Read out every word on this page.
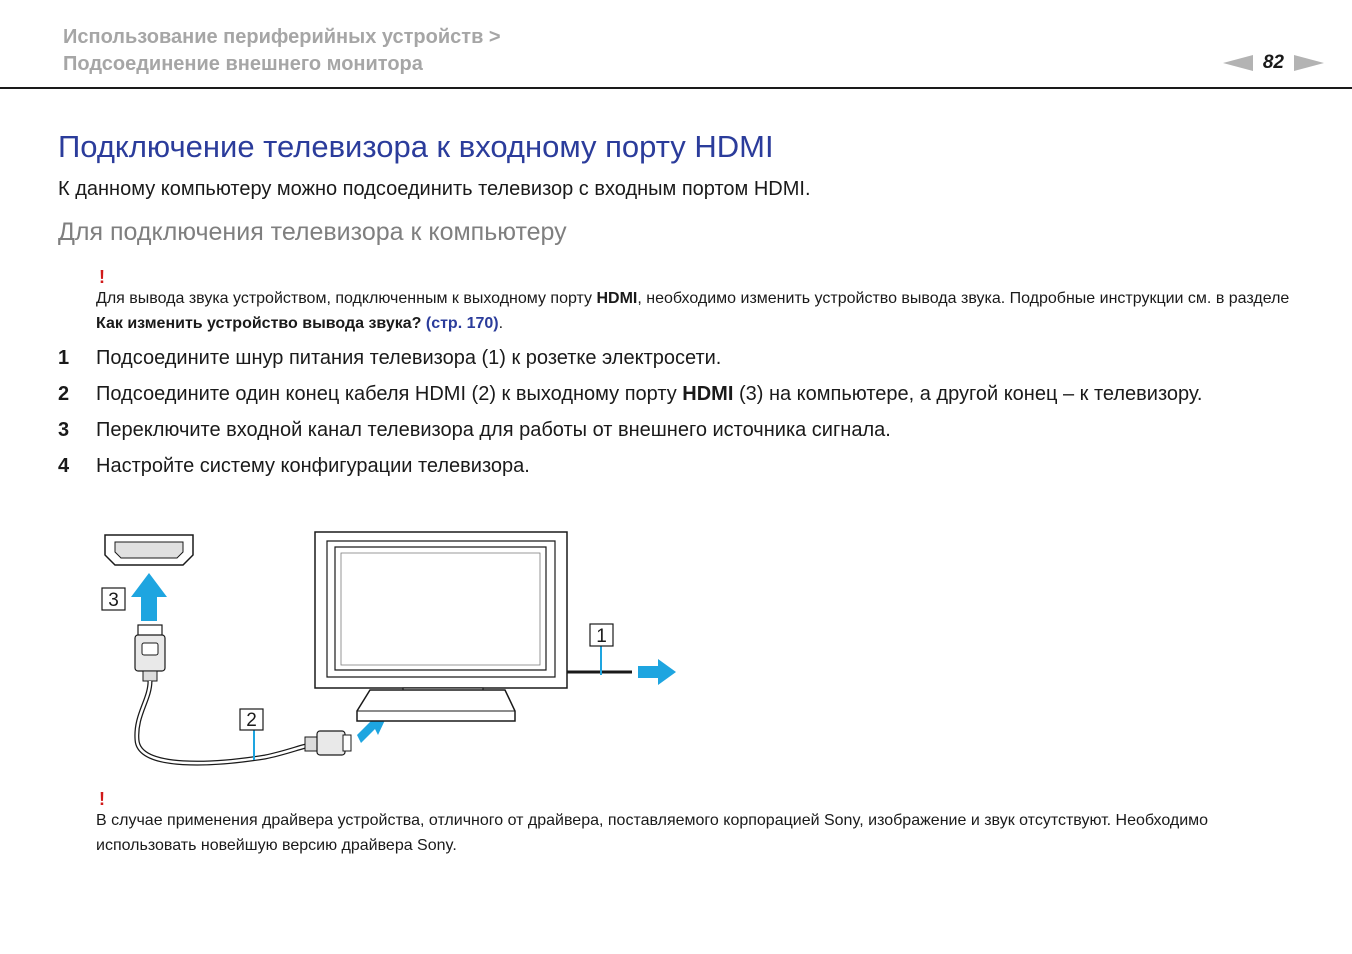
Использование периферийных устройств >
Подсоединение внешнего монитора	82
Подключение телевизора к входному порту HDMI
К данному компьютеру можно подсоединить телевизор с входным портом HDMI.
Для подключения телевизора к компьютеру
!
Для вывода звука устройством, подключенным к выходному порту HDMI, необходимо изменить устройство вывода звука. Подробные инструкции см. в разделе Как изменить устройство вывода звука? (стр. 170).
1	Подсоедините шнур питания телевизора (1) к розетке электросети.
2	Подсоедините один конец кабеля HDMI (2) к выходному порту HDMI (3) на компьютере, а другой конец – к телевизору.
3	Переключите входной канал телевизора для работы от внешнего источника сигнала.
4	Настройте систему конфигурации телевизора.
3
2
1
!
В случае применения драйвера устройства, отличного от драйвера, поставляемого корпорацией Sony, изображение и звук отсутствуют. Необходимо использовать новейшую версию драйвера Sony.
